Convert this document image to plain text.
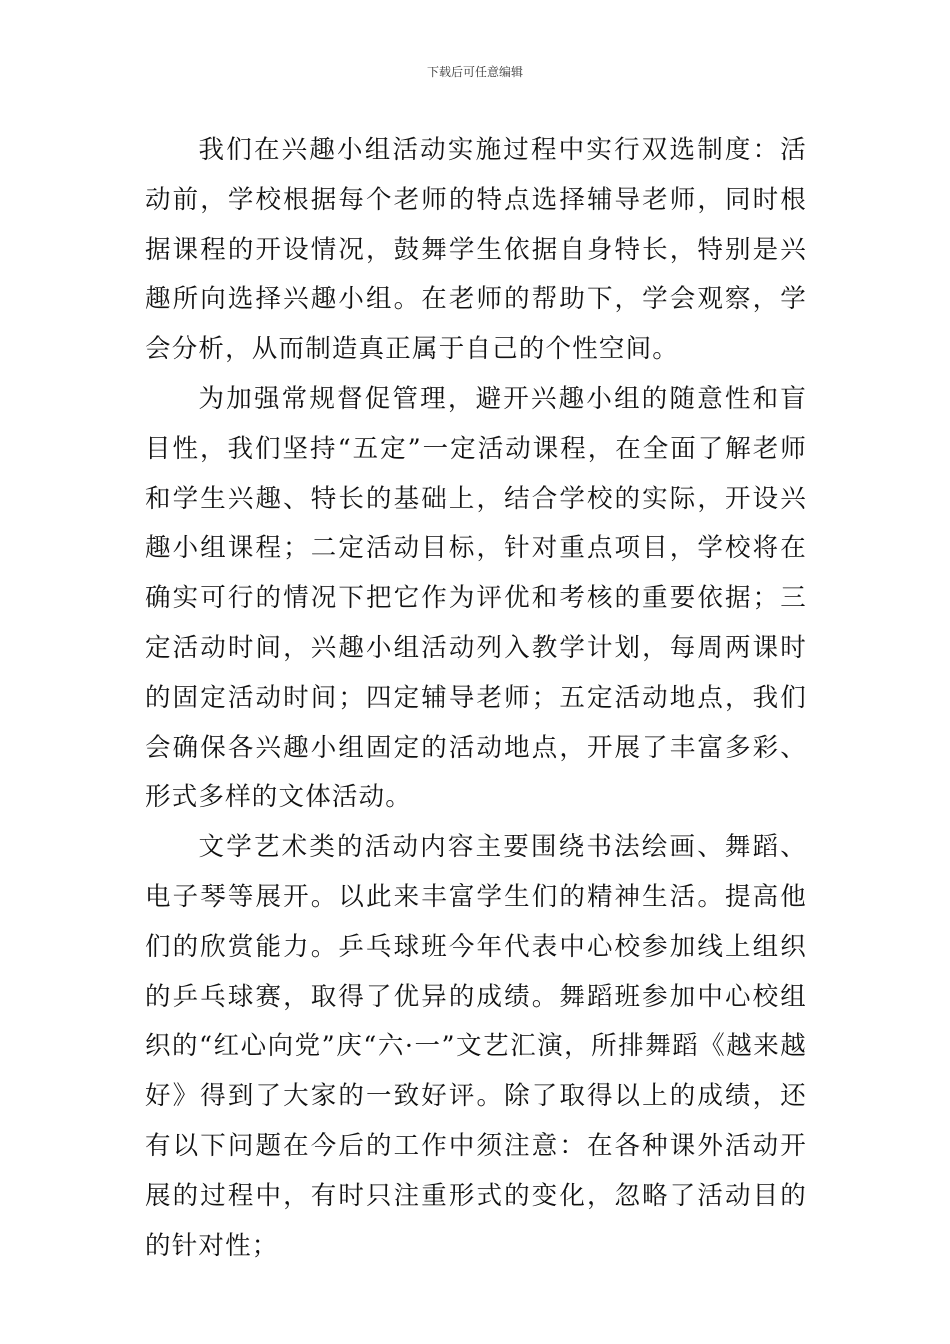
下载后可任意编辑

我们在兴趣小组活动实施过程中实行双选制度：活动前，学校根据每个老师的特点选择辅导老师，同时根据课程的开设情况，鼓舞学生依据自身特长，特别是兴趣所向选择兴趣小组。在老师的帮助下，学会观察，学会分析，从而制造真正属于自己的个性空间。

为加强常规督促管理，避开兴趣小组的随意性和盲目性，我们坚持“五定”一定活动课程，在全面了解老师和学生兴趣、特长的基础上，结合学校的实际，开设兴趣小组课程；二定活动目标，针对重点项目，学校将在确实可行的情况下把它作为评优和考核的重要依据；三定活动时间，兴趣小组活动列入教学计划，每周两课时的固定活动时间；四定辅导老师；五定活动地点，我们会确保各兴趣小组固定的活动地点，开展了丰富多彩、形式多样的文体活动。

文学艺术类的活动内容主要围绕书法绘画、舞蹈、电子琴等展开。以此来丰富学生们的精神生活。提高他们的欣赏能力。乒乓球班今年代表中心校参加线上组织的乒乓球赛，取得了优异的成绩。舞蹈班参加中心校组织的“红心向党”庆“六·一”文艺汇演，所排舞蹈《越来越好》得到了大家的一致好评。除了取得以上的成绩，还有以下问题在今后的工作中须注意：在各种课外活动开展的过程中，有时只注重形式的变化，忽略了活动目的的针对性；
